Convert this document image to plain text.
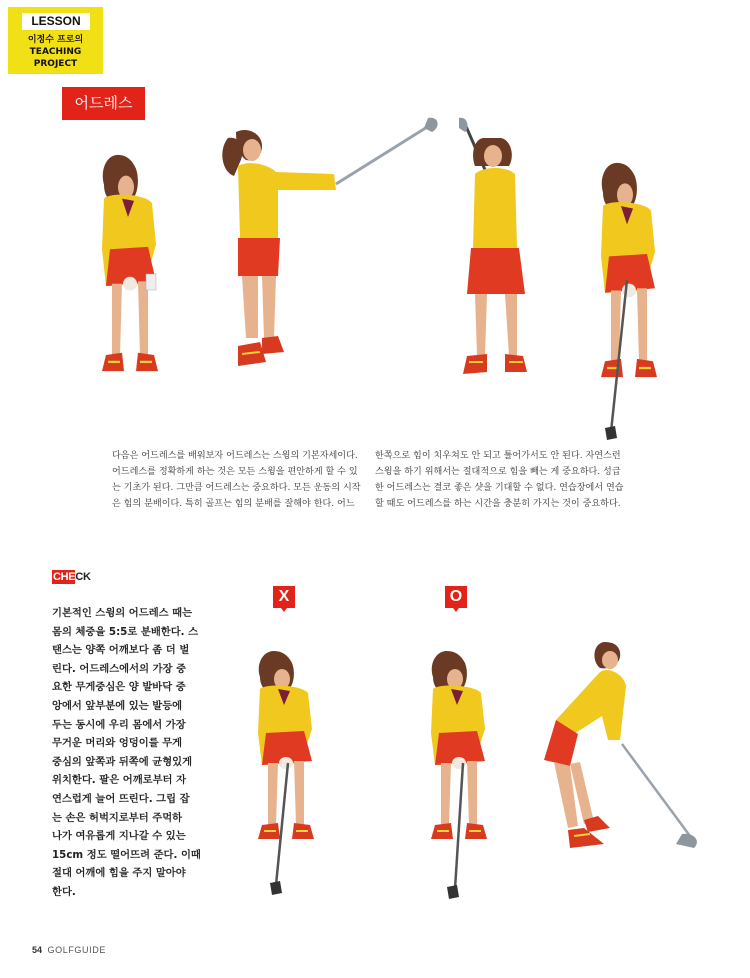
LESSON
이정수 프로의
TEACHING
PROJECT
어드레스
다음은 어드레스를 배워보자 어드레스는 스윙의 기본자세이다.
어드레스를 정확하게 하는 것은 모든 스윙을 편안하게 할 수 있
는 기초가 된다. 그만큼 어드레스는 중요하다. 모든 운동의 시작
은 힘의 분배이다. 특히 골프는 힘의 분배를 잘해야 한다. 어느
한쪽으로 힘이 치우쳐도 안 되고 틀어가서도 안 된다. 자연스런
스윙을 하기 위해서는 절대적으로 힘을 빼는 게 중요하다. 성급
한 어드레스는 결코 좋은 샷을 기대할 수 없다. 연습장에서 연습
할 때도 어드레스를 하는 시간을 충분히 가지는 것이 중요하다.
CHECK
기본적인 스윙의 어드레스 때는
몸의 체중을 5:5로 분배한다. 스
탠스는 양쪽 어깨보다 좀 더 벌
린다. 어드레스에서의 가장 중
요한 무게중심은 양 발바닥 중
앙에서 앞부분에 있는 발등에
두는 동시에 우리 몸에서 가장
무거운 머리와 엉덩이를 무게
중심의 앞쪽과 뒤쪽에 균형있게
위치한다. 팔은 어깨로부터 자
연스럽게 늘어 뜨린다. 그립 잡
는 손은 허벅지로부터 주먹하
나가 여유롭게 지나갈 수 있는
15cm 정도 떨어뜨려 준다. 이때
절대 어깨에 힘을 주지 말아야
한다.
X	O
54 GOLFGUIDE
